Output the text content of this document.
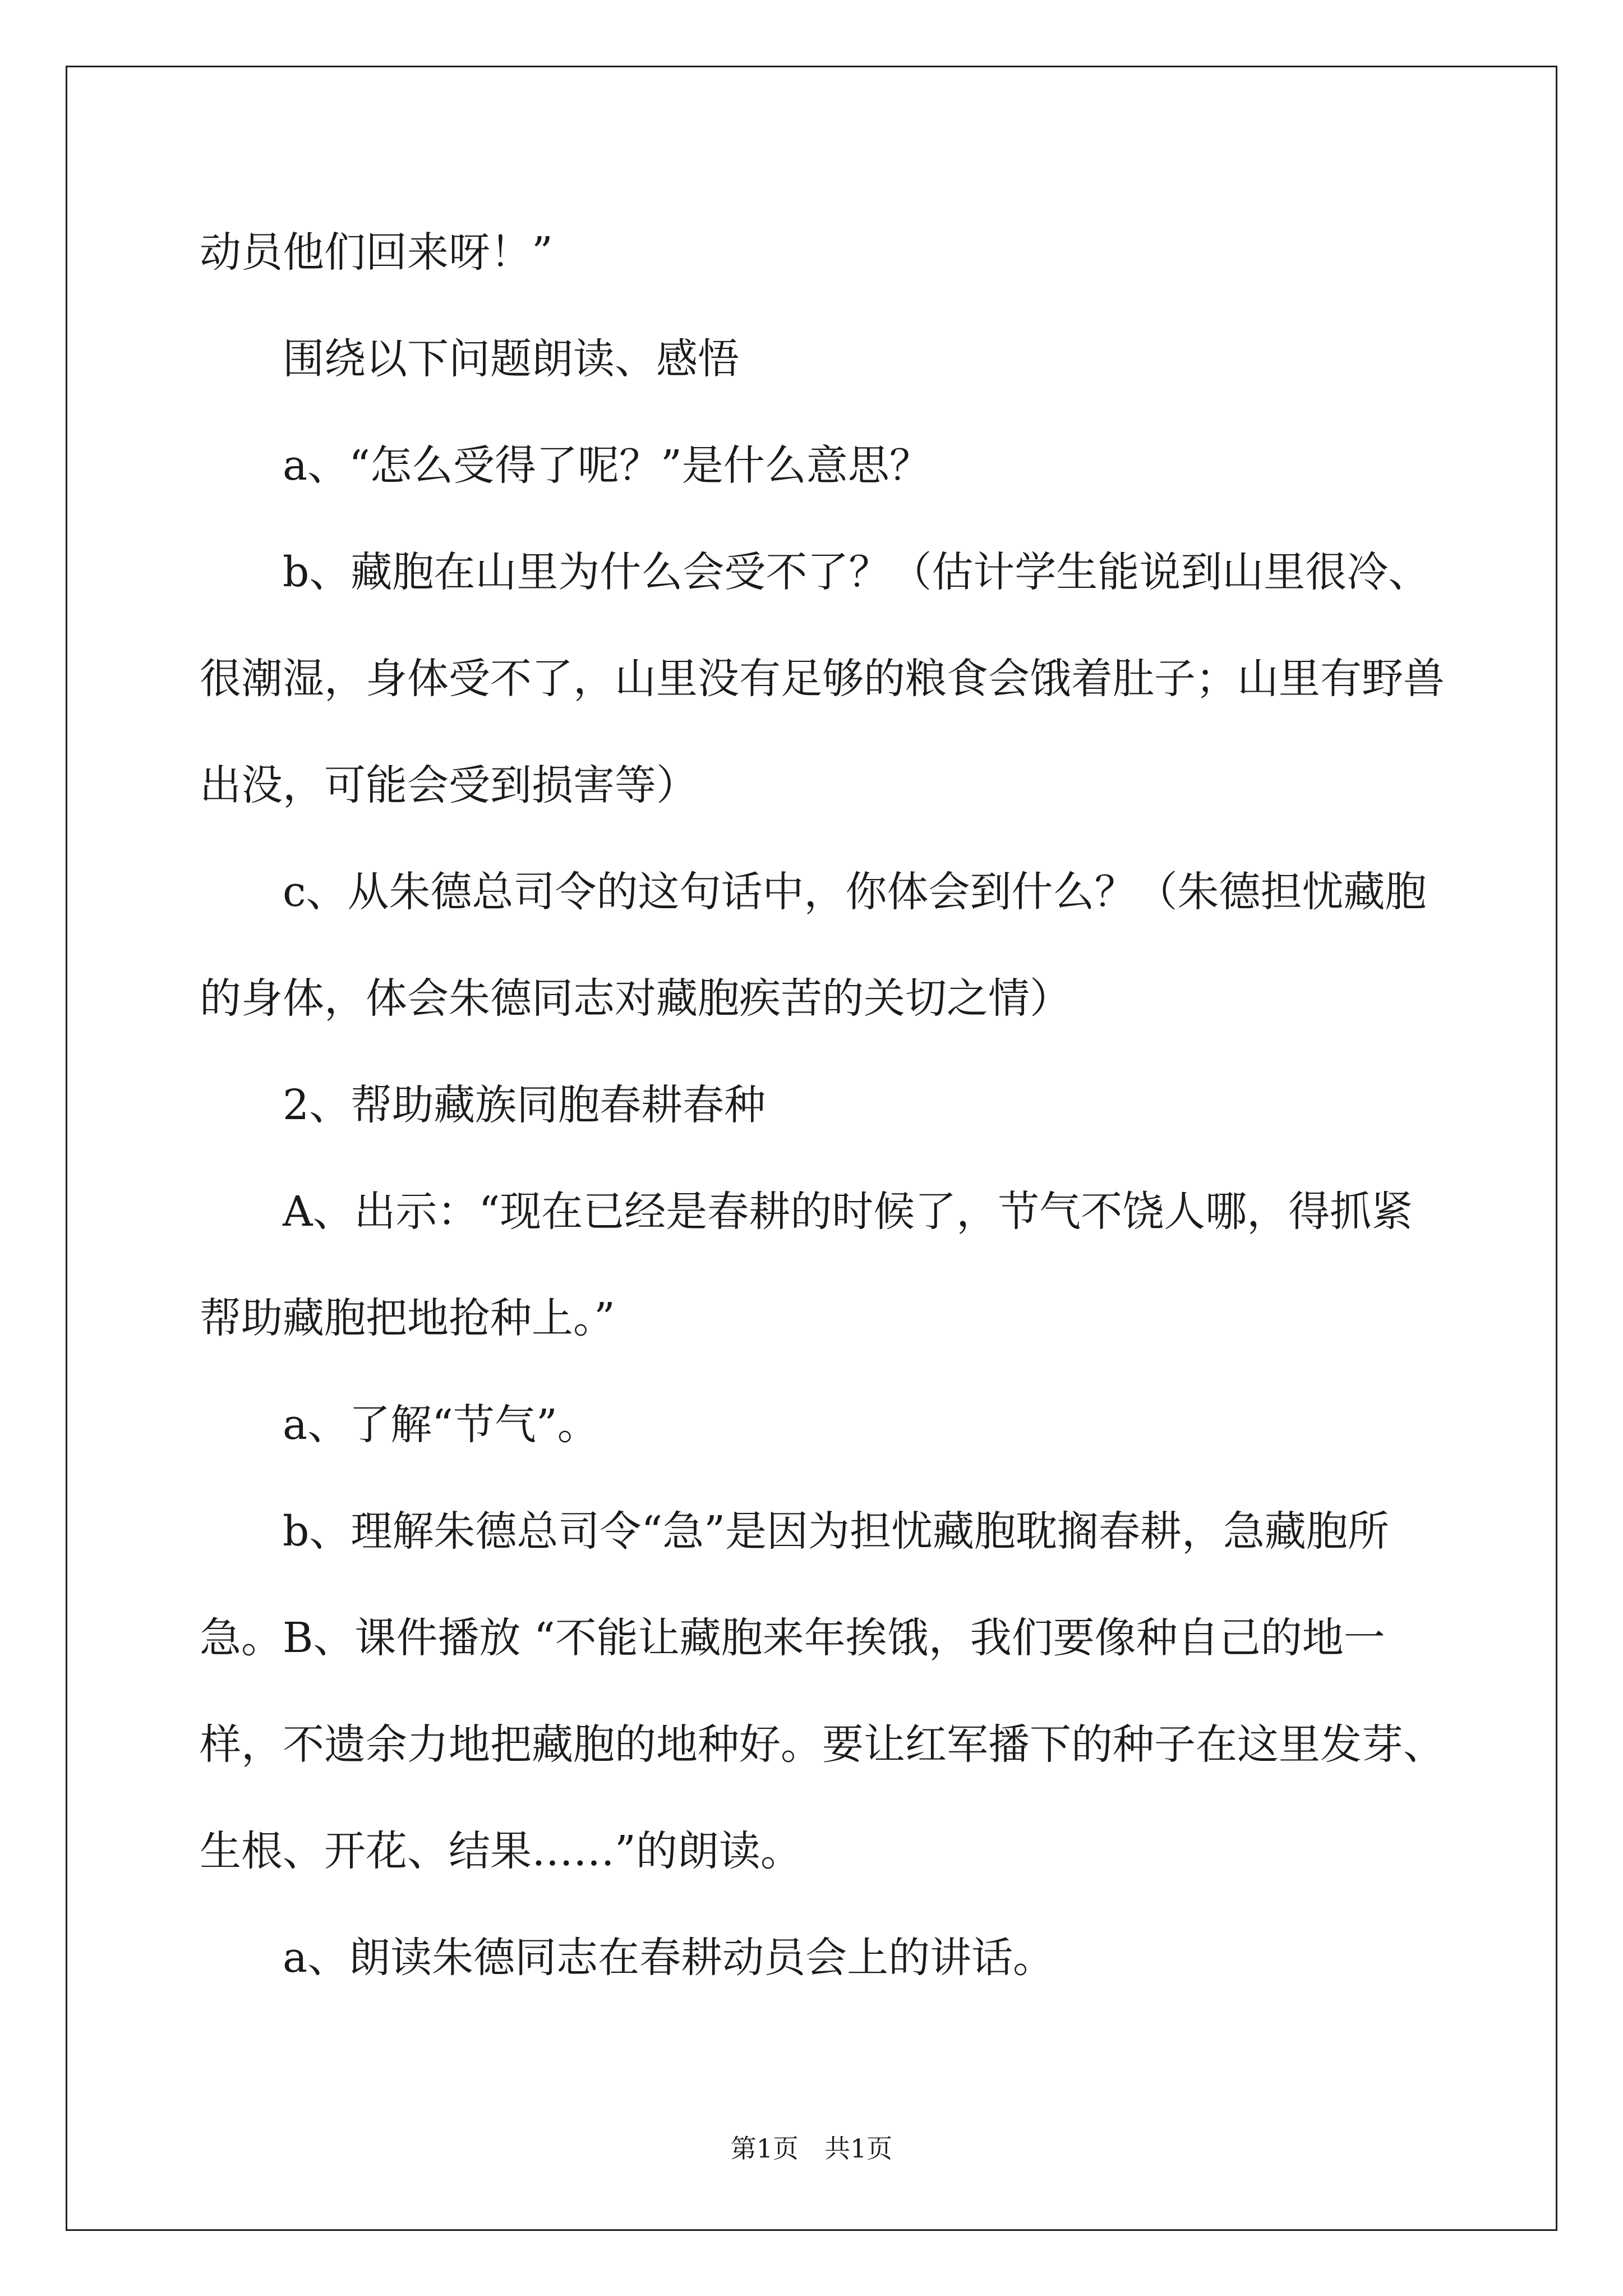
动员他们回来呀！”

围绕以下问题朗读、感悟

a、“怎么受得了呢？”是什么意思？

b、藏胞在山里为什么会受不了？（估计学生能说到山里很冷、很潮湿，身体受不了，山里没有足够的粮食会饿着肚子；山里有野兽出没，可能会受到损害等）

c、从朱德总司令的这句话中，你体会到什么？（朱德担忧藏胞的身体，体会朱德同志对藏胞疾苦的关切之情）

2、帮助藏族同胞春耕春种

A、出示：“现在已经是春耕的时候了，节气不饶人哪，得抓紧帮助藏胞把地抢种上。”

a、了解“节气”。

b、理解朱德总司令“急”是因为担忧藏胞耽搁春耕，急藏胞所急。 B、课件播放 “不能让藏胞来年挨饿，我们要像种自己的地一样，不遗余力地把藏胞的地种好。要让红军播下的种子在这里发芽、生根、开花、结果……”的朗读。

a、朗读朱德同志在春耕动员会上的讲话。

第1页　共1页
